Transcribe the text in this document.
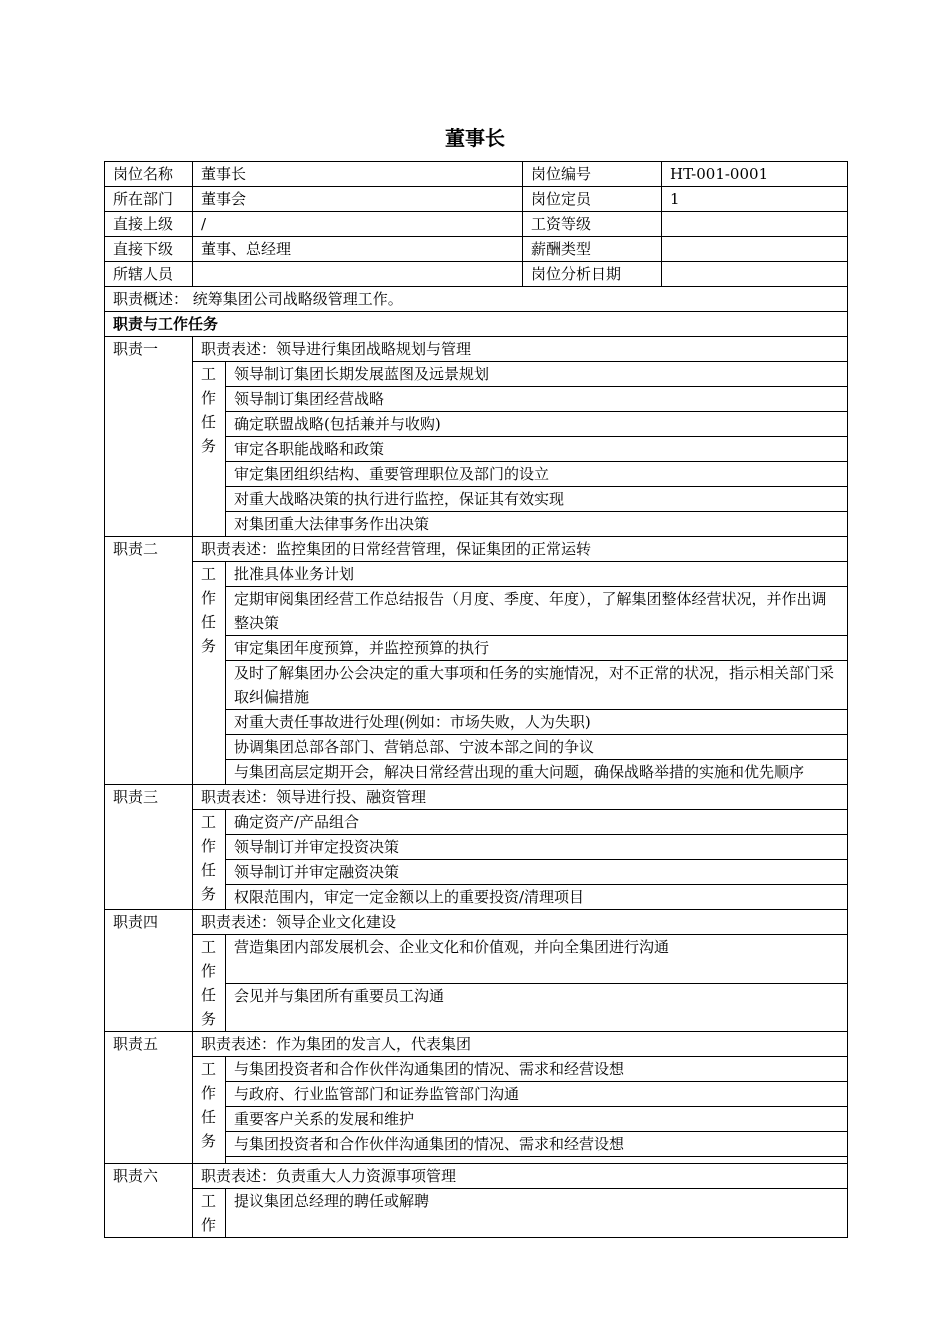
董事长
岗位名称	董事长		岗位编号	HT-001-0001
所在部门	董事会		岗位定员	1
直接上级	/		工资等级	
直接下级	董事、总经理		薪酬类型	
所辖人员			岗位分析日期	
职责概述： 统筹集团公司战略级管理工作。				
职责与工作任务				
职责一	职责表述：领导进行集团战略规划与管理			

	工　作
任务	领导制订集团长期发展蓝图及远景规划		
		领导制订集团经营战略		
		确定联盟战略(包括兼并与收购)		
		审定各职能战略和政策		
		审定集团组织结构、重要管理职位及部门的设立		
		对重大战略决策的执行进行监控，保证其有效实现		
		对集团重大法律事务作出决策		
职责二	职责表述：监控集团的日常经营管理，保证集团的正常运转			

	工　作
任务	批准具体业务计划		
		定期审阅集团经营工作总结报告（月度、季度、年度），了解集团整体经营状况，并作出调整决策		
		审定集团年度预算，并监控预算的执行		
		及时了解集团办公会决定的重大事项和任务的实施情况，对不正常的状况，指示相关部门采取纠偏措施		
		对重大责任事故进行处理(例如：市场失败，人为失职)		
		协调集团总部各部门、营销总部、宁波本部之间的争议		
		与集团高层定期开会，解决日常经营出现的重大问题，确保战略举措的实施和优先顺序		
职责三	职责表述：领导进行投、融资管理			

	工　作
任务	确定资产/产品组合		
		领导制订并审定投资决策		
		领导制订并审定融资决策		
		权限范围内，审定一定金额以上的重要投资/清理项目		
职责四	职责表述：领导企业文化建设			

	工　作
任务	营造集团内部发展机会、企业文化和价值观，并向全集团进行沟通		
		会见并与集团所有重要员工沟通		
职责五	职责表述：作为集团的发言人，代表集团			

	工　作
任务	与集团投资者和合作伙伴沟通集团的情况、需求和经营设想		
		与政府、行业监管部门和证券监管部门沟通		
		重要客户关系的发展和维护		
		与集团投资者和合作伙伴沟通集团的情况、需求和经营设想		

职责六	职责表述：负责重大人力资源事项管理			

	工　作	提议集团总经理的聘任或解聘		
